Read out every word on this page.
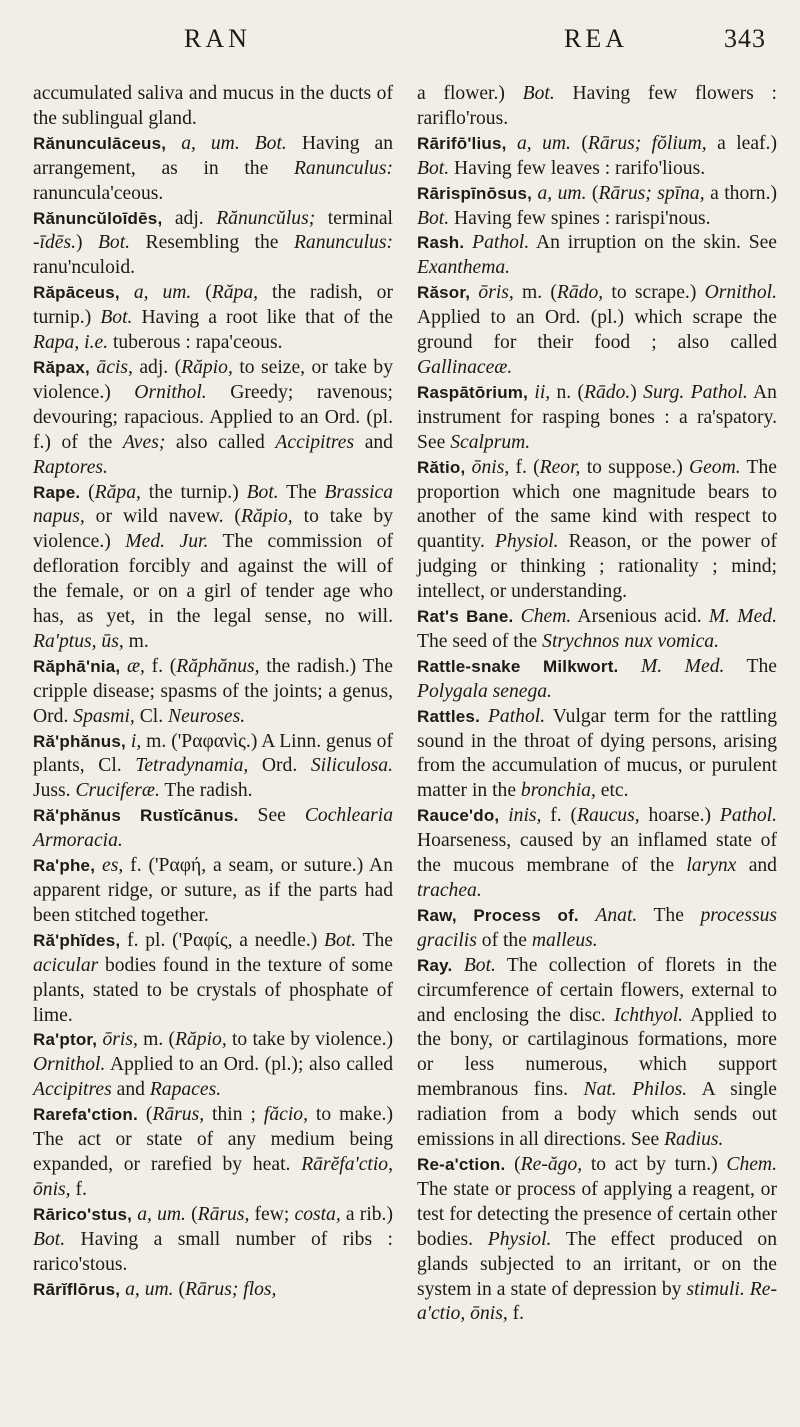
RAN	REA	343

accumulated saliva and mucus in the ducts of the sublingual gland.

Rănunculāceus, a, um. Bot. Having an arrangement, as in the Ranunculus: ranuncula'ceous.

Rănuncŭloīdēs, adj. Rănuncŭlus; terminal -īdēs.) Bot. Resembling the Ranunculus: ranu'nculoid.

Răpāceus, a, um. (Răpa, the radish, or turnip.) Bot. Having a root like that of the Rapa, i.e. tuberous : rapa'ceous.

Răpax, ācis, adj. (Răpio, to seize, or take by violence.) Ornithol. Greedy; ravenous; devouring; rapacious. Applied to an Ord. (pl. f.) of the Aves; also called Accipitres and Raptores.

Rape. (Răpa, the turnip.) Bot. The Brassica napus, or wild navew. (Răpio, to take by violence.) Med. Jur. The commission of defloration forcibly and against the will of the female, or on a girl of tender age who has, as yet, in the legal sense, no will. Ra'ptus, ūs, m.

Răphā'nia, æ, f. (Răphănus, the radish.) The cripple disease; spasms of the joints; a genus, Ord. Spasmi, Cl. Neuroses.

Ră'phănus, i, m. ('Ραφανὶς.) A Linn. genus of plants, Cl. Tetradynamia, Ord. Siliculosa. Juss. Cruciferæ. The radish.

Ră'phănus Rustĭcānus. See Cochlearia Armoracia.

Ra'phe, es, f. ('Ραφή, a seam, or suture.) An apparent ridge, or suture, as if the parts had been stitched together.

Ră'phĭdes, f. pl. ('Ραφίς, a needle.) Bot. The acicular bodies found in the texture of some plants, stated to be crystals of phosphate of lime.

Ra'ptor, ōris, m. (Răpio, to take by violence.) Ornithol. Applied to an Ord. (pl.); also called Accipitres and Rapaces.

Rarefa'ction. (Rārus, thin ; făcio, to make.) The act or state of any medium being expanded, or rarefied by heat. Rārĕfa'ctio, ōnis, f.

Rārico'stus, a, um. (Rārus, few; costa, a rib.) Bot. Having a small number of ribs : rarico'stous.

Rārĭflōrus, a, um. (Rārus; flos,

a flower.) Bot. Having few flowers : rariflo'rous.

Rārifō'lius, a, um. (Rārus; fŏlium, a leaf.) Bot. Having few leaves : rarifo'lious.

Rārispīnōsus, a, um. (Rārus; spīna, a thorn.) Bot. Having few spines : rarispi'nous.

Rash. Pathol. An irruption on the skin. See Exanthema.

Răsor, ōris, m. (Rādo, to scrape.) Ornithol. Applied to an Ord. (pl.) which scrape the ground for their food ; also called Gallinaceæ.

Raspātōrium, ii, n. (Rādo.) Surg. Pathol. An instrument for rasping bones : a ra'spatory. See Scalprum.

Rătio, ōnis, f. (Reor, to suppose.) Geom. The proportion which one magnitude bears to another of the same kind with respect to quantity. Physiol. Reason, or the power of judging or thinking ; rationality ; mind; intellect, or understanding.

Rat's Bane. Chem. Arsenious acid. M. Med. The seed of the Strychnos nux vomica.

Rattle-snake Milkwort. M. Med. The Polygala senega.

Rattles. Pathol. Vulgar term for the rattling sound in the throat of dying persons, arising from the accumulation of mucus, or purulent matter in the bronchia, etc.

Rauce'do, inis, f. (Raucus, hoarse.) Pathol. Hoarseness, caused by an inflamed state of the mucous membrane of the larynx and trachea.

Raw, Process of. Anat. The processus gracilis of the malleus.

Ray. Bot. The collection of florets in the circumference of certain flowers, external to and enclosing the disc. Ichthyol. Applied to the bony, or cartilaginous formations, more or less numerous, which support membranous fins. Nat. Philos. A single radiation from a body which sends out emissions in all directions. See Radius.

Re-a'ction. (Re-ăgo, to act by turn.) Chem. The state or process of applying a reagent, or test for detecting the presence of certain other bodies. Physiol. The effect produced on glands subjected to an irritant, or on the system in a state of depression by stimuli. Re-a'ctio, ōnis, f.
